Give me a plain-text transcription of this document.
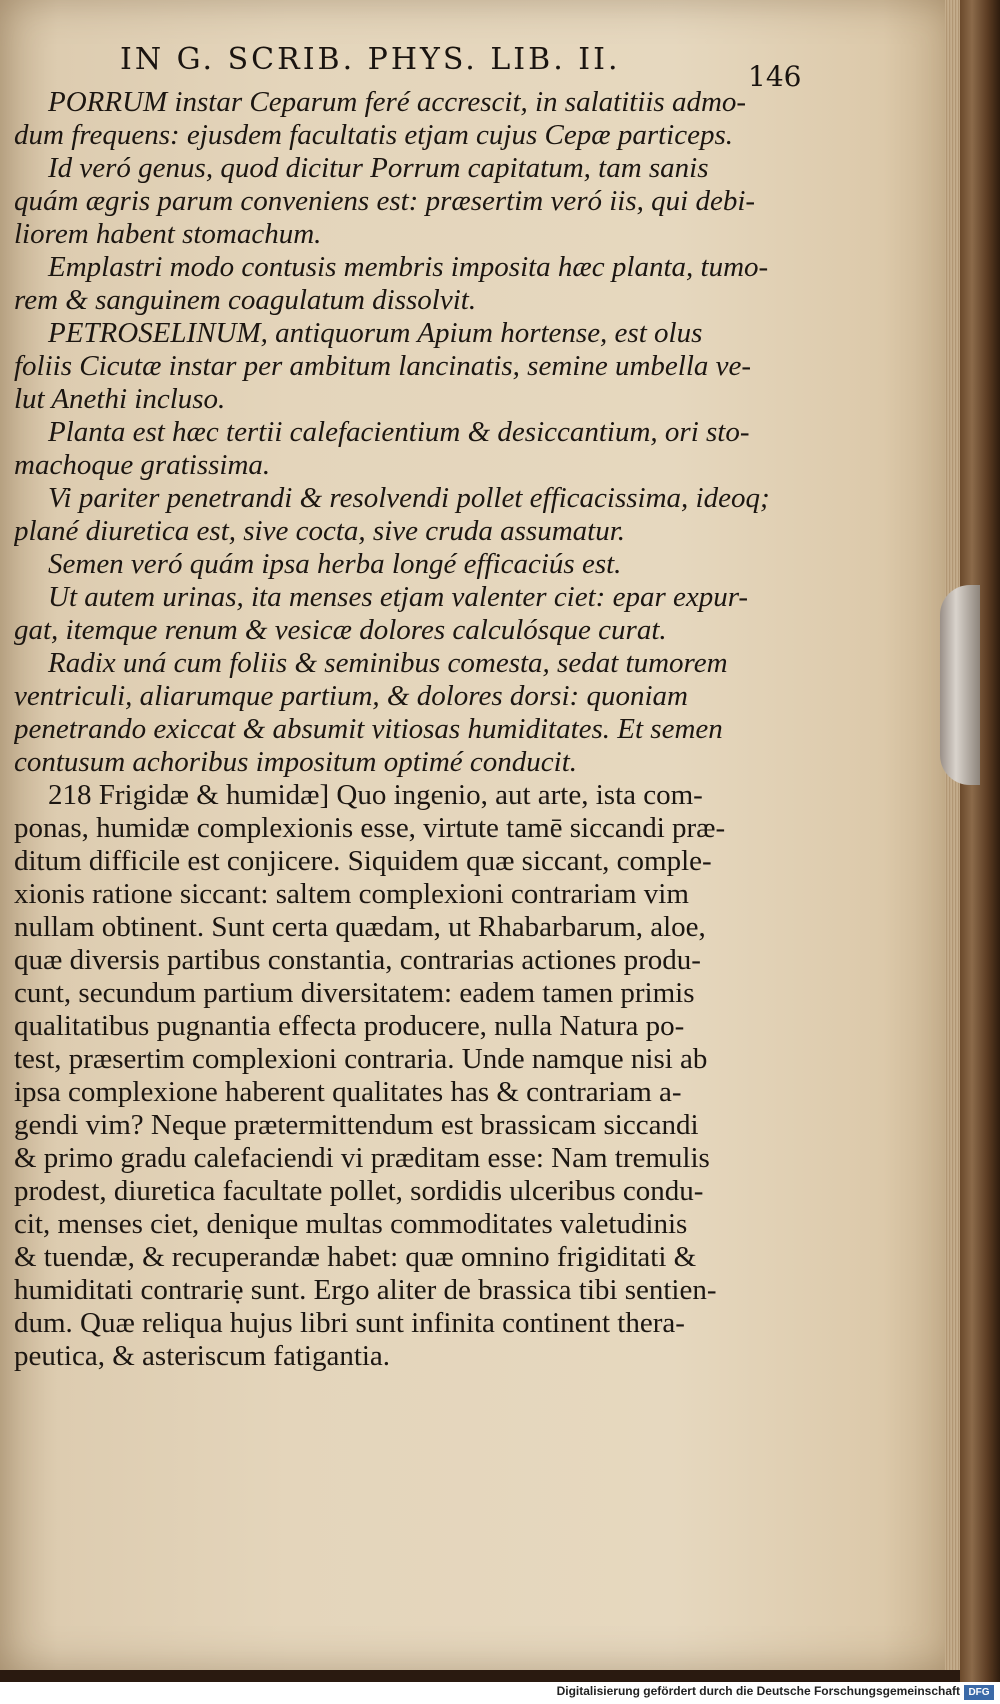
IN G. SCRIB. PHYS. LIB. II.	146
PORRUM instar Ceparum feré accrescit, in salatitiis admo-
dum frequens: ejusdem facultatis etjam cujus Cepæ particeps.
Id veró genus, quod dicitur Porrum capitatum, tam sanis
quám ægris parum conveniens est: præsertim veró iis, qui debi-
liorem habent stomachum.
Emplastri modo contusis membris imposita hæc planta, tumo-
rem & sanguinem coagulatum dissolvit.
PETROSELINUM, antiquorum Apium hortense, est olus
foliis Cicutæ instar per ambitum lancinatis, semine umbella ve-
lut Anethi incluso.
Planta est hæc tertii calefacientium & desiccantium, ori sto-
machoque gratissima.
Vi pariter penetrandi & resolvendi pollet efficacissima, ideoq;
plané diuretica est, sive cocta, sive cruda assumatur.
Semen veró quám ipsa herba longé efficaciús est.
Ut autem urinas, ita menses etjam valenter ciet: epar expur-
gat, itemque renum & vesicæ dolores calculósque curat.
Radix uná cum foliis & seminibus comesta, sedat tumorem
ventriculi, aliarumque partium, & dolores dorsi: quoniam
penetrando exiccat & absumit vitiosas humiditates. Et semen
contusum achoribus impositum optimé conducit.
218 Frigidæ & humidæ] Quo ingenio, aut arte, ista com-
ponas, humidæ complexionis esse, virtute tamē siccandi præ-
ditum difficile est conjicere. Siquidem quæ siccant, comple-
xionis ratione siccant: saltem complexioni contrariam vim
nullam obtinent. Sunt certa quædam, ut Rhabarbarum, aloe,
quæ diversis partibus constantia, contrarias actiones produ-
cunt, secundum partium diversitatem: eadem tamen primis
qualitatibus pugnantia effecta producere, nulla Natura po-
test, præsertim complexioni contraria. Unde namque nisi ab
ipsa complexione haberent qualitates has & contrariam a-
gendi vim? Neque prætermittendum est brassicam siccandi
& primo gradu calefaciendi vi præditam esse: Nam tremulis
prodest, diuretica facultate pollet, sordidis ulceribus condu-
cit, menses ciet, denique multas commoditates valetudinis
& tuendæ, & recuperandæ habet: quæ omnino frigiditati &
humiditati contrariẹ sunt. Ergo aliter de brassica tibi sentien-
dum. Quæ reliqua hujus libri sunt infinita continent thera-
peutica, & asteriscum fatigantia.
Digitalisierung gefördert durch die Deutsche Forschungsgemeinschaft DFG
